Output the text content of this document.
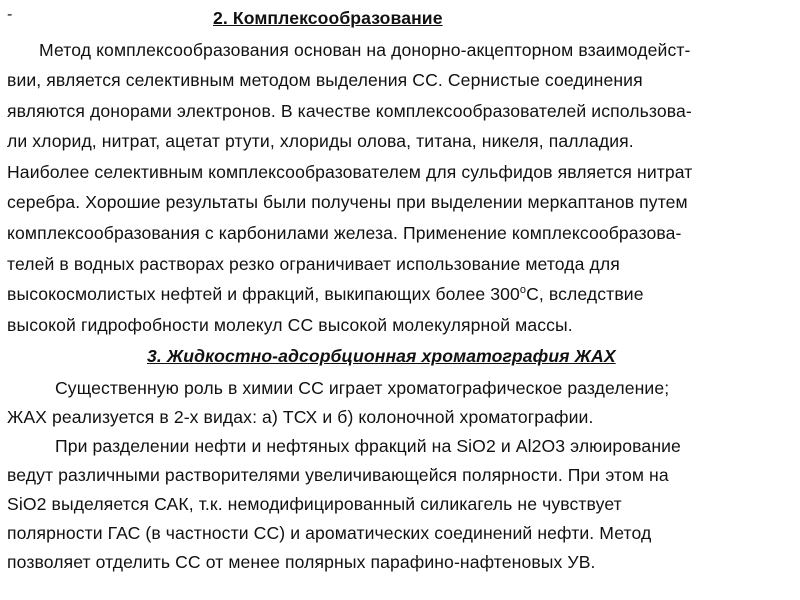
-	2. Комплексообразование
Метод комплексообразования основан на донорно-акцепторном взаимодейст-
вии, является селективным методом выделения СС. Сернистые соединения
являются донорами электронов. В качестве комплексообразователей использова-
ли хлорид, нитрат, ацетат ртути, хлориды олова, титана, никеля, палладия.
Наиболее селективным комплексообразователем для сульфидов является нитрат
серебра. Хорошие результаты были получены при выделении меркаптанов путем
комплексообразования с карбонилами железа. Применение комплексообразова-
телей в водных растворах резко ограничивает использование метода для
высокосмолистых нефтей и фракций, выкипающих более $300^оС$, вследствие
высокой гидрофобности молекул СС высокой молекулярной массы.
3. Жидкостно-адсорбционная хроматография ЖАХ
Существенную роль в химии СС играет хроматографическое разделение;
ЖАХ реализуется в 2-х видах: а) ТСХ и б) колоночной хроматографии.
При разделении нефти и нефтяных фракций на SiO2 и Al2O3 элюирование
ведут различными растворителями увеличивающейся полярности. При этом на
SiO2 выделяется САК, т.к. немодифицированный силикагель не чувствует
полярности ГАС (в частности СС) и ароматических соединений нефти. Метод
позволяет отделить СС от менее полярных парафино-нафтеновых УВ.
